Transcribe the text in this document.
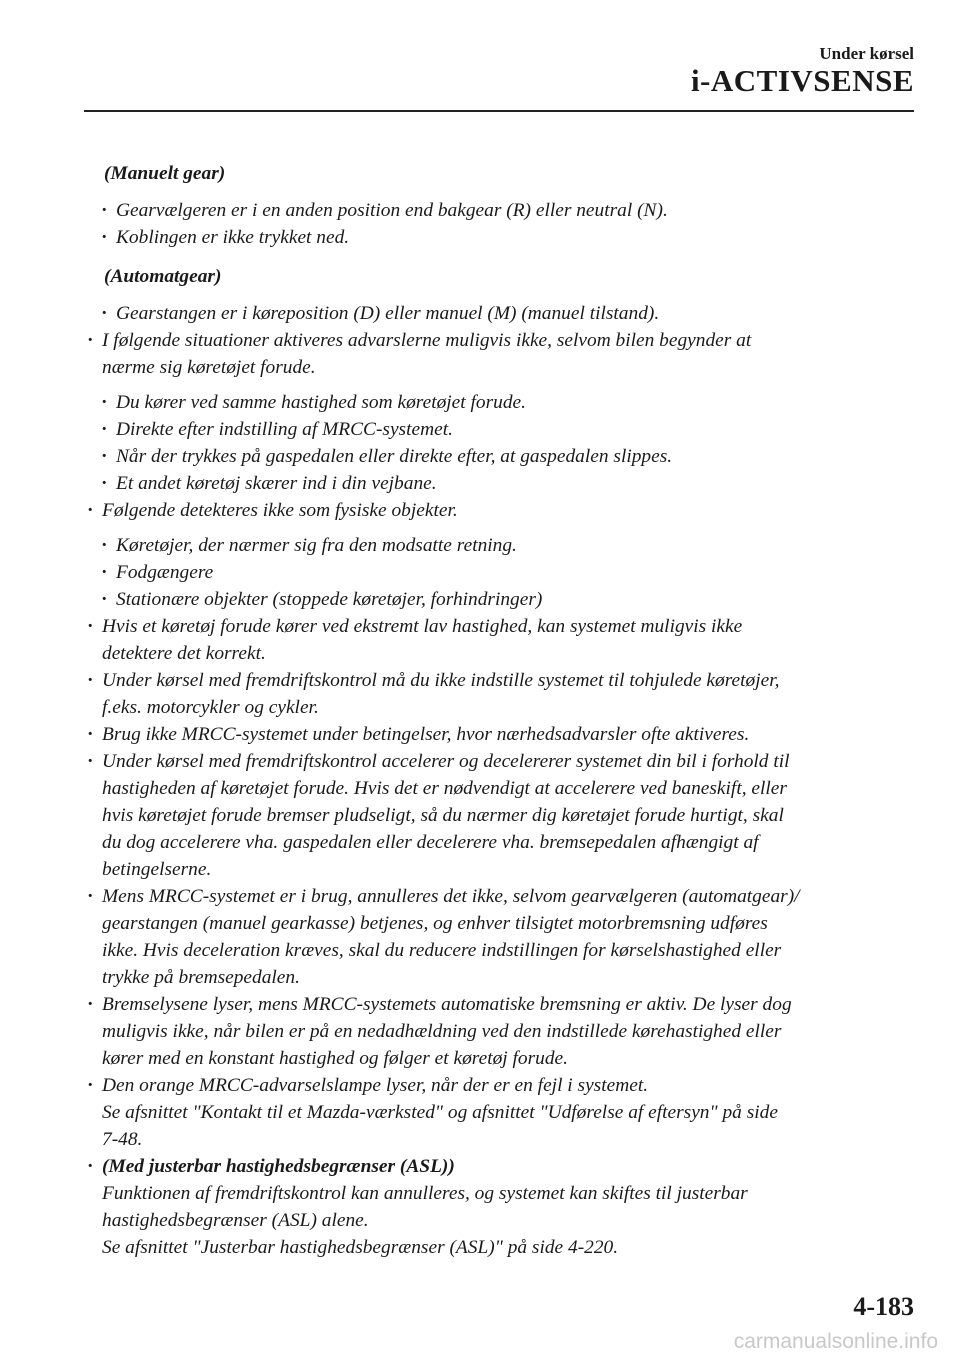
Under kørsel
i-ACTIVSENSE
(Manuelt gear)
· Gearvælgeren er i en anden position end bakgear (R) eller neutral (N).
· Koblingen er ikke trykket ned.
(Automatgear)
· Gearstangen er i køreposition (D) eller manuel (M) (manuel tilstand).
· I følgende situationer aktiveres advarslerne muligvis ikke, selvom bilen begynder at
nærme sig køretøjet forude.
· Du kører ved samme hastighed som køretøjet forude.
· Direkte efter indstilling af MRCC-systemet.
· Når der trykkes på gaspedalen eller direkte efter, at gaspedalen slippes.
· Et andet køretøj skærer ind i din vejbane.
· Følgende detekteres ikke som fysiske objekter.
· Køretøjer, der nærmer sig fra den modsatte retning.
· Fodgængere
· Stationære objekter (stoppede køretøjer, forhindringer)
· Hvis et køretøj forude kører ved ekstremt lav hastighed, kan systemet muligvis ikke
detektere det korrekt.
· Under kørsel med fremdriftskontrol må du ikke indstille systemet til tohjulede køretøjer,
f.eks. motorcykler og cykler.
· Brug ikke MRCC-systemet under betingelser, hvor nærhedsadvarsler ofte aktiveres.
· Under kørsel med fremdriftskontrol accelerer og decelererer systemet din bil i forhold til
hastigheden af køretøjet forude. Hvis det er nødvendigt at accelerere ved baneskift, eller
hvis køretøjet forude bremser pludseligt, så du nærmer dig køretøjet forude hurtigt, skal
du dog accelerere vha. gaspedalen eller decelerere vha. bremsepedalen afhængigt af
betingelserne.
· Mens MRCC-systemet er i brug, annulleres det ikke, selvom gearvælgeren (automatgear)/
gearstangen (manuel gearkasse) betjenes, og enhver tilsigtet motorbremsning udføres
ikke. Hvis deceleration kræves, skal du reducere indstillingen for kørselshastighed eller
trykke på bremsepedalen.
· Bremselysene lyser, mens MRCC-systemets automatiske bremsning er aktiv. De lyser dog
muligvis ikke, når bilen er på en nedadhældning ved den indstillede kørehastighed eller
kører med en konstant hastighed og følger et køretøj forude.
· Den orange MRCC-advarselslampe lyser, når der er en fejl i systemet.
Se afsnittet "Kontakt til et Mazda-værksted" og afsnittet "Udførelse af eftersyn" på side
7-48.
· (Med justerbar hastighedsbegrænser (ASL))
Funktionen af fremdriftskontrol kan annulleres, og systemet kan skiftes til justerbar
hastighedsbegrænser (ASL) alene.
Se afsnittet "Justerbar hastighedsbegrænser (ASL)" på side 4-220.
4-183
carmanualsonline.info
